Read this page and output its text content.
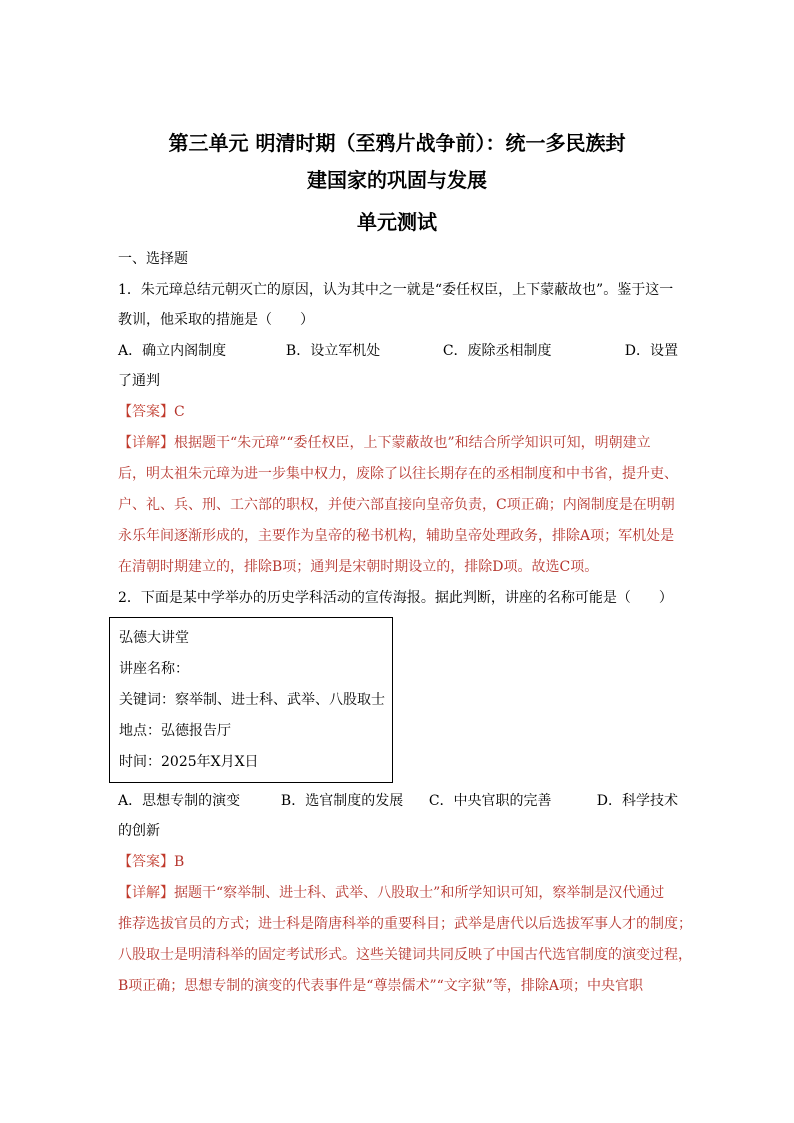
第三单元 明清时期（至鸦片战争前）：统一多民族封
建国家的巩固与发展
单元测试
一、选择题
1．朱元璋总结元朝灭亡的原因，认为其中之一就是“委任权臣，上下蒙蔽故也”。鉴于这一
教训，他采取的措施是（　　）
A．确立内阁制度	B．设立军机处	C．废除丞相制度	D．设置
了通判
【答案】C
【详解】根据题干“朱元璋”“委任权臣，上下蒙蔽故也”和结合所学知识可知，明朝建立
后，明太祖朱元璋为进一步集中权力，废除了以往长期存在的丞相制度和中书省，提升吏、
户、礼、兵、刑、工六部的职权，并使六部直接向皇帝负责，C项正确；内阁制度是在明朝
永乐年间逐渐形成的，主要作为皇帝的秘书机构，辅助皇帝处理政务，排除A项；军机处是
在清朝时期建立的，排除B项；通判是宋朝时期设立的，排除D项。故选C项。
2．下面是某中学举办的历史学科活动的宣传海报。据此判断，讲座的名称可能是（　　）
弘德大讲堂
讲座名称：
关键词：察举制、进士科、武举、八股取士
地点：弘德报告厅
时间：2025年X月X日
A．思想专制的演变	B．选官制度的发展	C．中央官职的完善	D．科学技术
的创新
【答案】B
【详解】据题干“察举制、进士科、武举、八股取士”和所学知识可知，察举制是汉代通过
推荐选拔官员的方式；进士科是隋唐科举的重要科目；武举是唐代以后选拔军事人才的制度；
八股取士是明清科举的固定考试形式。这些关键词共同反映了中国古代选官制度的演变过程，
B项正确；思想专制的演变的代表事件是“尊崇儒术”“文字狱”等，排除A项；中央官职
